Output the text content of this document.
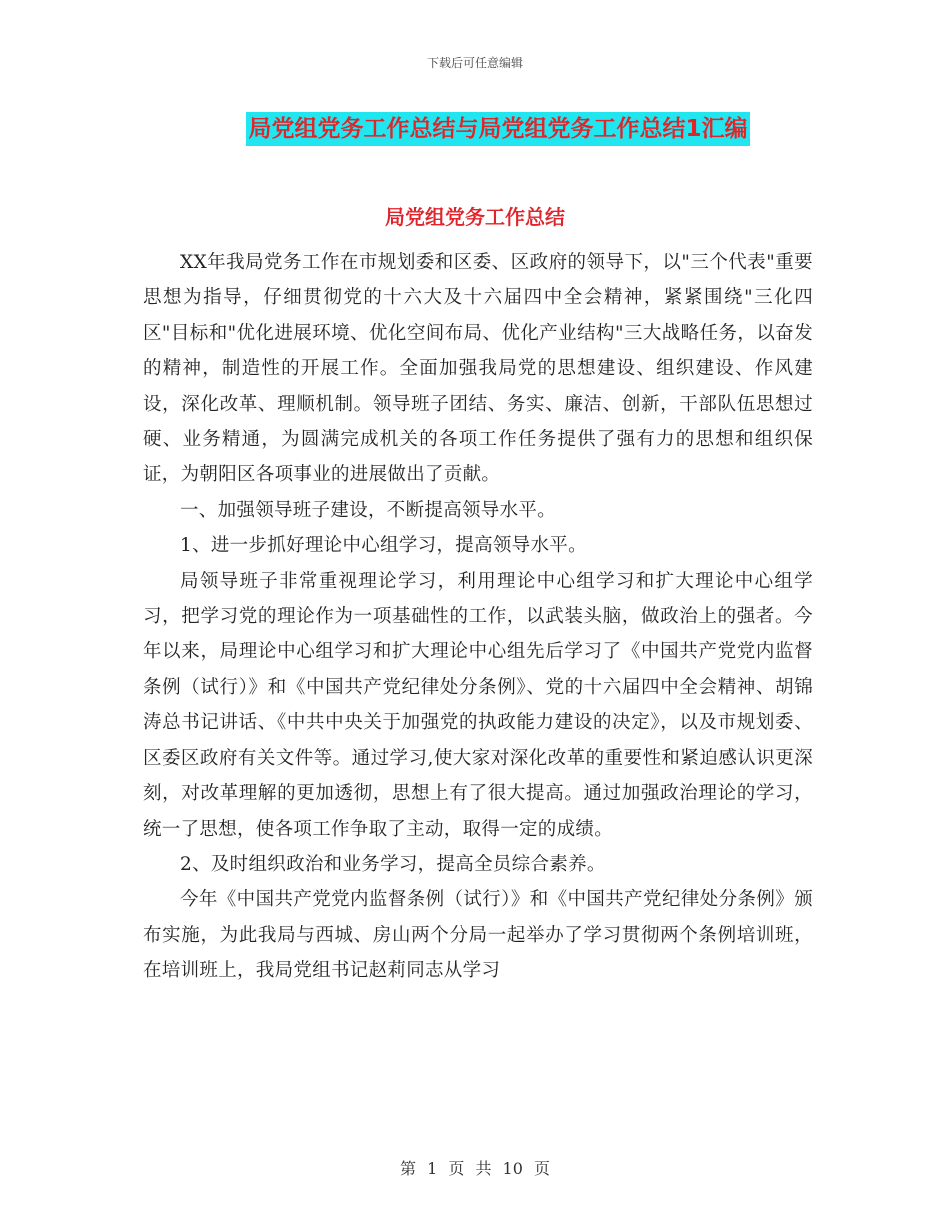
下载后可任意编辑
局党组党务工作总结与局党组党务工作总结1汇编
局党组党务工作总结

XX年我局党务工作在市规划委和区委、区政府的领导下，以"三个代表"重要思想为指导，仔细贯彻党的十六大及十六届四中全会精神，紧紧围绕"三化四区"目标和"优化进展环境、优化空间布局、优化产业结构"三大战略任务，以奋发的精神，制造性的开展工作。全面加强我局党的思想建设、组织建设、作风建设，深化改革、理顺机制。领导班子团结、务实、廉洁、创新，干部队伍思想过硬、业务精通，为圆满完成机关的各项工作任务提供了强有力的思想和组织保证，为朝阳区各项事业的进展做出了贡献。

一、加强领导班子建设，不断提高领导水平。

1、进一步抓好理论中心组学习，提高领导水平。

局领导班子非常重视理论学习，利用理论中心组学习和扩大理论中心组学习，把学习党的理论作为一项基础性的工作，以武装头脑，做政治上的强者。今年以来，局理论中心组学习和扩大理论中心组先后学习了《中国共产党党内监督条例（试行）》和《中国共产党纪律处分条例》、党的十六届四中全会精神、胡锦涛总书记讲话、《中共中央关于加强党的执政能力建设的决定》，以及市规划委、区委区政府有关文件等。通过学习,使大家对深化改革的重要性和紧迫感认识更深刻，对改革理解的更加透彻，思想上有了很大提高。通过加强政治理论的学习，统一了思想，使各项工作争取了主动，取得一定的成绩。

2、及时组织政治和业务学习，提高全员综合素养。

今年《中国共产党党内监督条例（试行）》和《中国共产党纪律处分条例》颁布实施，为此我局与西城、房山两个分局一起举办了学习贯彻两个条例培训班，在培训班上，我局党组书记赵莉同志从学习

第 1 页 共 10 页
